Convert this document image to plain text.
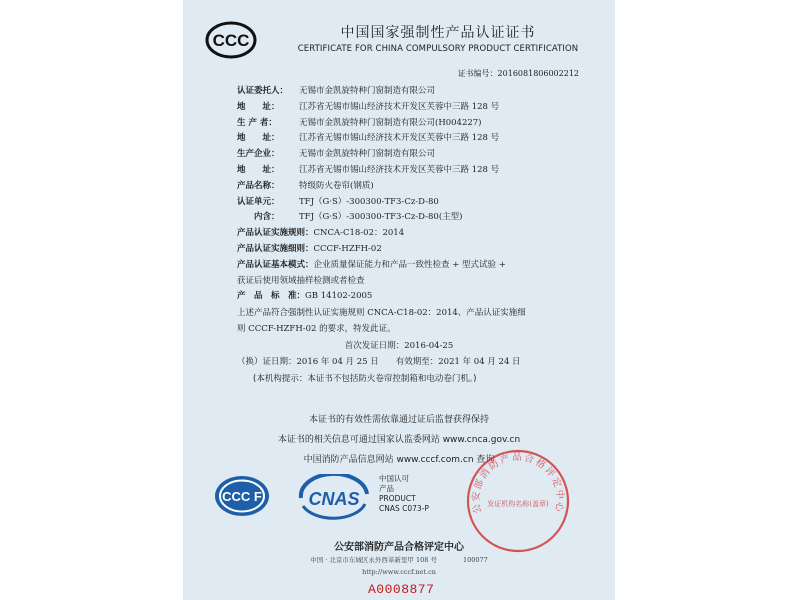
CCC	中国国家强制性产品认证证书
CERTIFICATE FOR CHINA COMPULSORY PRODUCT CERTIFICATION
证书编号：2016081806002212
认证委托人： 无锡市金凯旋特种门窗制造有限公司
地　　址： 江苏省无锡市锡山经济技术开发区芙蓉中三路 128 号
生 产 者：	无锡市金凯旋特种门窗制造有限公司(H004227)
地　　址： 江苏省无锡市锡山经济技术开发区芙蓉中三路 128 号
生产企业： 无锡市金凯旋特种门窗制造有限公司
地　　址： 江苏省无锡市锡山经济技术开发区芙蓉中三路 128 号
产品名称： 特级防火卷帘(钢质)
认证单元： TFJ（G·S）-300300-TF3-Cz-D-80
　　内含： TFJ（G·S）-300300-TF3-Cz-D-80(主型)
产品认证实施规则：CNCA-C18-02：2014
产品认证实施细则：CCCF-HZFH-02
产品认证基本模式：企业质量保证能力和产品一致性检查 + 型式试验 +
获证后使用领域抽样检测或者检查
产　品　标　准：GB 14102-2005
上述产品符合强制性认证实施规则 CNCA-C18-02：2014、产品认证实施细
则 CCCF-HZFH-02 的要求，特发此证。
首次发证日期：2016-04-25
（换）证日期：2016 年 04 月 25 日　　有效期至：2021 年 04 月 24 日
(本机构提示：本证书不包括防火卷帘控制箱和电动卷门机。)
本证书的有效性需依靠通过证后监督获得保持
本证书的相关信息可通过国家认监委网站 www.cnca.gov.cn
中国消防产品信息网站 www.cccf.com.cn 查询
CCC F	CNAS
中国认可
产品
PRODUCT
CNAS C073-P	公安部消防产品合格评定中心
发证机构名称(盖章)
公安部消防产品合格评定中心
中国 · 北京市东城区永外西革新里甲 108 号　　　　100077
http://www.cccf.net.cn
A0008877
